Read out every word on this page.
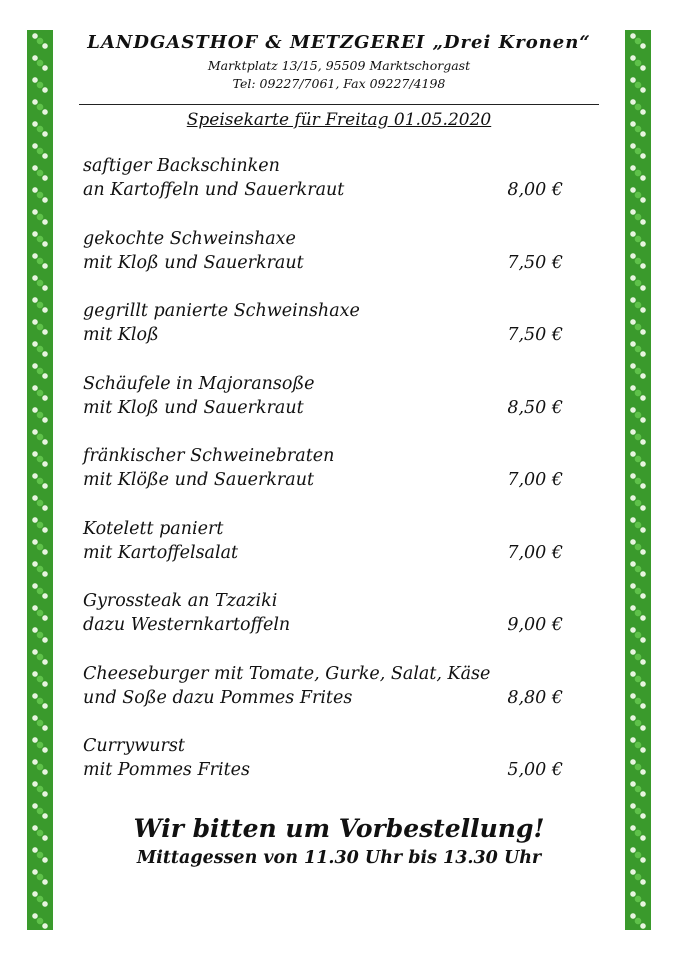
LANDGASTHOF & METZGEREI „Drei Kronen“
Marktplatz 13/15, 95509 Marktschorgast
Tel: 09227/7061, Fax 09227/4198
Speisekarte für Freitag 01.05.2020
saftiger Backschinken
an Kartoffeln und Sauerkraut	8,00 €
gekochte Schweinshaxe
mit Kloß und Sauerkraut	7,50 €
gegrillt panierte Schweinshaxe
mit Kloß	7,50 €
Schäufele in Majoransoße
mit Kloß und Sauerkraut	8,50 €
fränkischer Schweinebraten
mit Klöße und Sauerkraut	7,00 €
Kotelett paniert
mit Kartoffelsalat	7,00 €
Gyrossteak an Tzaziki
dazu Westernkartoffeln	9,00 €
Cheeseburger mit Tomate, Gurke, Salat, Käse
und Soße dazu Pommes Frites	8,80 €
Currywurst
mit Pommes Frites	5,00 €
Wir bitten um Vorbestellung!
Mittagessen von 11.30 Uhr bis 13.30 Uhr
